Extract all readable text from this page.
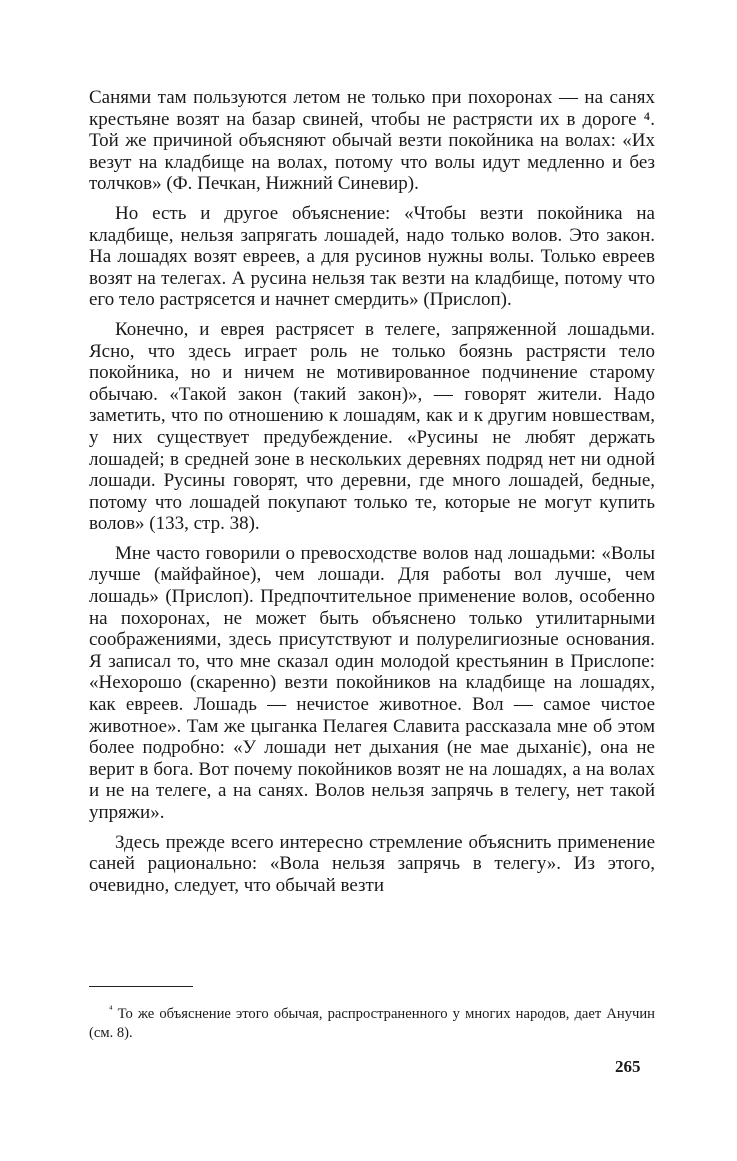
Санями там пользуются летом не только при похоронах — на санях крестьяне возят на базар свиней, чтобы не растрясти их в дороге ⁴. Той же причиной объясняют обычай везти покойника на волах: «Их везут на кладбище на волах, потому что волы идут медленно и без толчков» (Ф. Печкан, Нижний Синевир).

Но есть и другое объяснение: «Чтобы везти покойника на кладбище, нельзя запрягать лошадей, надо только волов. Это закон. На лошадях возят евреев, а для русинов нужны волы. Только евреев возят на телегах. А русина нельзя так везти на кладбище, потому что его тело растрясется и начнет смердить» (Прислоп).

Конечно, и еврея растрясет в телеге, запряженной лошадьми. Ясно, что здесь играет роль не только боязнь растрясти тело покойника, но и ничем не мотивированное подчинение старому обычаю. «Такой закон (такий закон)», — говорят жители. Надо заметить, что по отношению к лошадям, как и к другим новшествам, у них существует предубеждение. «Русины не любят держать лошадей; в средней зоне в нескольких деревнях подряд нет ни одной лошади. Русины говорят, что деревни, где много лошадей, бедные, потому что лошадей покупают только те, которые не могут купить волов» (133, стр. 38).

Мне часто говорили о превосходстве волов над лошадьми: «Волы лучше (майфайное), чем лошади. Для работы вол лучше, чем лошадь» (Прислоп). Предпочтительное применение волов, особенно на похоронах, не может быть объяснено только утилитарными соображениями, здесь присутствуют и полурелигиозные основания. Я записал то, что мне сказал один молодой крестьянин в Прислопе: «Нехорошо (скаренно) везти покойников на кладбище на лошадях, как евреев. Лошадь — нечистое животное. Вол — самое чистое животное». Там же цыганка Пелагея Славита рассказала мне об этом более подробно: «У лошади нет дыхания (не мае дыханiє), она не верит в бога. Вот почему покойников возят не на лошадях, а на волах и не на телеге, а на санях. Волов нельзя запрячь в телегу, нет такой упряжи».

Здесь прежде всего интересно стремление объяснить применение саней рационально: «Вола нельзя запрячь в телегу». Из этого, очевидно, следует, что обычай везти

$^{^4}$ То же объяснение этого обычая, распространенного у многих народов, дает Анучин (см. 8).

265
